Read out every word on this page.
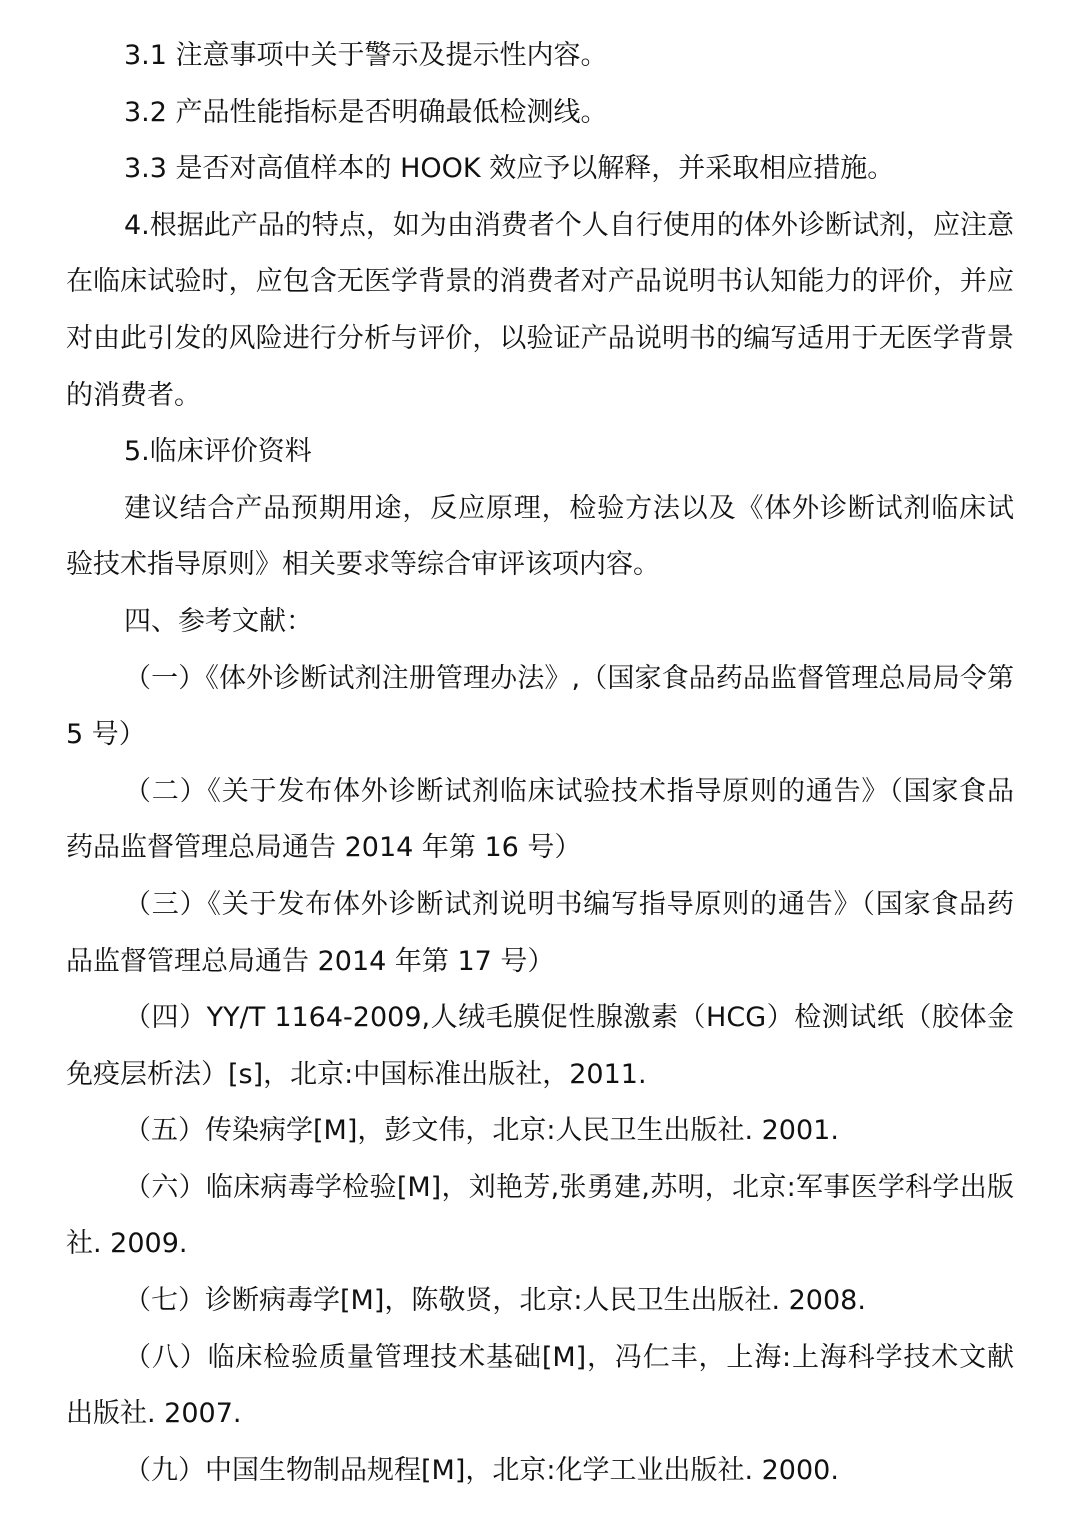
3.1 注意事项中关于警示及提示性内容。

3.2 产品性能指标是否明确最低检测线。

3.3 是否对高值样本的 HOOK 效应予以解释，并采取相应措施。

4.根据此产品的特点，如为由消费者个人自行使用的体外诊断试剂，应注意在临床试验时，应包含无医学背景的消费者对产品说明书认知能力的评价，并应对由此引发的风险进行分析与评价，以验证产品说明书的编写适用于无医学背景的消费者。

5.临床评价资料

建议结合产品预期用途，反应原理，检验方法以及《体外诊断试剂临床试验技术指导原则》相关要求等综合审评该项内容。

四、参考文献：

（一）《体外诊断试剂注册管理办法》,（国家食品药品监督管理总局局令第 5 号）

（二）《关于发布体外诊断试剂临床试验技术指导原则的通告》（国家食品药品监督管理总局通告 2014 年第 16 号）

（三）《关于发布体外诊断试剂说明书编写指导原则的通告》（国家食品药品监督管理总局通告 2014 年第 17 号）

（四）YY/T 1164-2009,人绒毛膜促性腺激素（HCG）检测试纸（胶体金免疫层析法）[s]，北京:中国标准出版社，2011.

（五）传染病学[M]，彭文伟，北京:人民卫生出版社. 2001.

（六）临床病毒学检验[M]，刘艳芳,张勇建,苏明，北京:军事医学科学出版社. 2009.

（七）诊断病毒学[M]，陈敬贤，北京:人民卫生出版社. 2008.

（八）临床检验质量管理技术基础[M]，冯仁丰，上海:上海科学技术文献出版社. 2007.

（九）中国生物制品规程[M]，北京:化学工业出版社. 2000.
